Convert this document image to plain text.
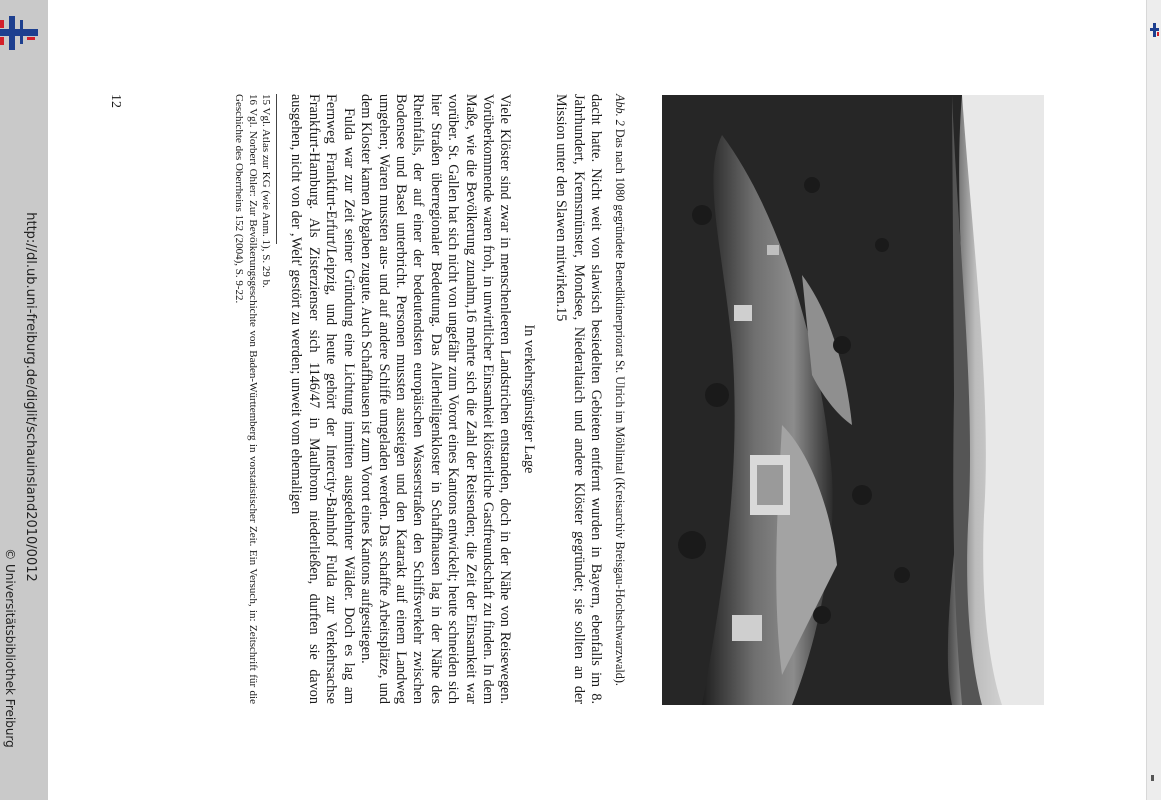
http://dl.ub.uni-freiburg.de/diglit/schauinsland2010/0012
© Universitätsbibliothek Freiburg

Abb. 2 Das nach 1080 gegründete Benediktinerpriorat St. Ulrich im Möhlintal (Kreisarchiv Breisgau-Hochschwarzwald).

dacht hatte. Nicht weit von slawisch besiedelten Gebieten entfernt wurden in Bayern, ebenfalls im 8. Jahrhundert, Kremsmünster, Mondsee, Niederaltaich und andere Klöster gegründet; sie sollten an der Mission unter den Slawen mitwirken.15

In verkehrsgünstiger Lage

Viele Klöster sind zwar in menschenleeren Landstrichen entstanden, doch in der Nähe von Reisewegen. Vorüberkommende waren froh, in unwirtlicher Einsamkeit klösterliche Gastfreundschaft zu finden. In dem Maße, wie die Bevölkerung zunahm,16 mehrte sich die Zahl der Reisenden; die Zeit der Einsamkeit war vorüber. St. Gallen hat sich nicht von ungefähr zum Vorort eines Kantons entwickelt; heute schneiden sich hier Straßen überregionaler Bedeutung. Das Allerheiligenkloster in Schaffhausen lag in der Nähe des Rheinfalls, der auf einer der bedeutendsten europäischen Wasserstraßen den Schiffsverkehr zwischen Bodensee und Basel unterbricht. Personen mussten aussteigen und den Katarakt auf einem Landweg umgehen; Waren mussten aus- und auf andere Schiffe umgeladen werden. Das schaffte Arbeitsplätze, und dem Kloster kamen Abgaben zugute. Auch Schaffhausen ist zum Vorort eines Kantons aufgestiegen.

Fulda war zur Zeit seiner Gründung eine Lichtung inmitten ausgedehnter Wälder. Doch es lag am Fernweg Frankfurt-Erfurt/Leipzig, und heute gehört der Intercity-Bahnhof Fulda zur Verkehrsachse Frankfurt-Hamburg. Als Zisterzienser sich 1146/47 in Maulbronn niederließen, durften sie davon ausgehen, nicht von der ‚Welt' gestört zu werden; unweit vom ehemaligen

15 Vgl. Atlas zur KG (wie Anm. 1), S. 29 b.

16 Vgl. Norbert Ohler: Zur Bevölkerungsgeschichte von Baden-Württemberg in vorstatistischer Zeit. Ein Versuch, in: Zeitschrift für die Geschichte des Oberrheins 152 (2004), S. 9-22.

12
